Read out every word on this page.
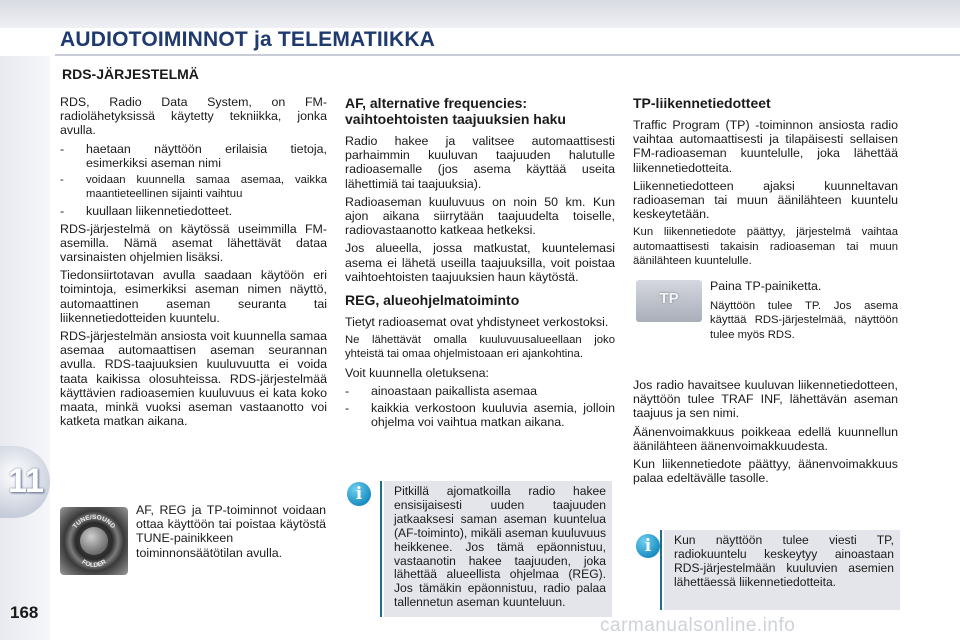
AUDIOTOIMINNOT ja TELEMATIIKKA
11
168
RDS-JÄRJESTELMÄ

RDS, Radio Data System, on FM-radiolähetyksissä käytetty tekniikka, jonka avulla.

- haetaan näyttöön erilaisia tietoja, esimerkiksi aseman nimi
- voidaan kuunnella samaa asemaa, vaikka maantieteellinen sijainti vaihtuu
- kuullaan liikennetiedotteet.

RDS-järjestelmä on käytössä useimmilla FM-asemilla. Nämä asemat lähettävät dataa varsinaisten ohjelmien lisäksi.

Tiedonsiirtotavan avulla saadaan käytöön eri toimintoja, esimerkiksi aseman nimen näyttö, automaattinen aseman seuranta tai liikennetiedotteiden kuuntelu.

RDS-järjestelmän ansiosta voit kuunnella samaa asemaa automaattisen aseman seurannan avulla. RDS-taajuuksien kuuluvuutta ei voida taata kaikissa olosuhteissa. RDS-järjestelmää käyttävien radioasemien kuuluvuus ei kata koko maata, minkä vuoksi aseman vastaanotto voi katketa matkan aikana.

TUNE/SOUND
FOLDER
AF, REG ja TP-toiminnot voidaan ottaa käyttöön tai poistaa käytöstä TUNE-painikkeen toiminnonsäätötilan avulla.
AF, alternative frequencies:
vaihtoehtoisten taajuuksien haku

Radio hakee ja valitsee automaattisesti parhaimmin kuuluvan taajuuden halutulle radioasemalle (jos asema käyttää useita lähettimiä tai taajuuksia).

Radioaseman kuuluvuus on noin 50 km. Kun ajon aikana siirrytään taajuudelta toiselle, radiovastaanotto katkeaa hetkeksi.

Jos alueella, jossa matkustat, kuuntelemasi asema ei lähetä useilla taajuuksilla, voit poistaa vaihtoehtoisten taajuuksien haun käytöstä.

REG, alueohjelmatoiminto

Tietyt radioasemat ovat yhdistyneet verkostoksi.

Ne lähettävät omalla kuuluvuusalueellaan joko yhteistä tai omaa ohjelmistoaan eri ajankohtina.

Voit kuunnella oletuksena:

- ainoastaan paikallista asemaa
- kaikkia verkostoon kuuluvia asemia, jolloin ohjelma voi vaihtua matkan aikana.
i	Pitkillä ajomatkoilla radio hakee ensisijaisesti uuden taajuuden jatkaaksesi saman aseman kuuntelua (AF-toiminto), mikäli aseman kuuluvuus heikkenee. Jos tämä epäonnistuu, vastaanotin hakee taajuuden, joka lähettää alueellista ohjelmaa (REG). Jos tämäkin epäonnistuu, radio palaa tallennetun aseman kuunteluun.
TP-liikennetiedotteet

Traffic Program (TP) -toiminnon ansiosta radio vaihtaa automaattisesti ja tilapäisesti sellaisen FM-radioaseman kuuntelulle, joka lähettää liikennetiedotteita.

Liikennetiedotteen ajaksi kuunneltavan radioaseman tai muun äänilähteen kuuntelu keskeytetään.

Kun liikennetiedote päättyy, järjestelmä vaihtaa automaattisesti takaisin radioaseman tai muun äänilähteen kuuntelulle.

TP

Paina TP-painiketta.

Näyttöön tulee TP. Jos asema käyttää RDS-järjestelmää, näyttöön tulee myös RDS.

Jos radio havaitsee kuuluvan liikennetiedotteen, näyttöön tulee TRAF INF, lähettävän aseman taajuus ja sen nimi.

Äänenvoimakkuus poikkeaa edellä kuunnellun äänilähteen äänenvoimakkuudesta.

Kun liikennetiedote päättyy, äänenvoimakkuus palaa edeltävälle tasolle.

i	Kun näyttöön tulee viesti TP, radiokuuntelu keskeytyy ainoastaan RDS-järjestelmään kuuluvien asemien lähettäessä liikennetiedotteita.
carmanualsonline.info
